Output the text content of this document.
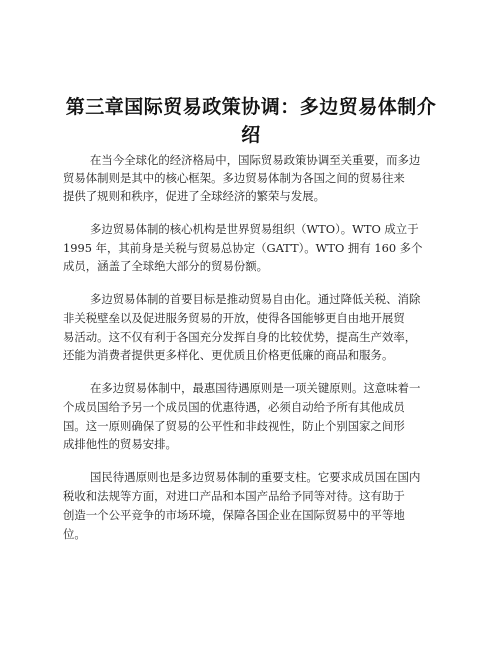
第三章国际贸易政策协调：多边贸易体制介
绍
在当今全球化的经济格局中，国际贸易政策协调至关重要，而多边
贸易体制则是其中的核心框架。多边贸易体制为各国之间的贸易往来
提供了规则和秩序，促进了全球经济的繁荣与发展。
多边贸易体制的核心机构是世界贸易组织（WTO）。WTO 成立于
1995 年，其前身是关税与贸易总协定（GATT）。WTO 拥有 160 多个
成员，涵盖了全球绝大部分的贸易份额。
多边贸易体制的首要目标是推动贸易自由化。通过降低关税、消除
非关税壁垒以及促进服务贸易的开放，使得各国能够更自由地开展贸
易活动。这不仅有利于各国充分发挥自身的比较优势，提高生产效率，
还能为消费者提供更多样化、更优质且价格更低廉的商品和服务。
在多边贸易体制中，最惠国待遇原则是一项关键原则。这意味着一
个成员国给予另一个成员国的优惠待遇，必须自动给予所有其他成员
国。这一原则确保了贸易的公平性和非歧视性，防止个别国家之间形
成排他性的贸易安排。
国民待遇原则也是多边贸易体制的重要支柱。它要求成员国在国内
税收和法规等方面，对进口产品和本国产品给予同等对待。这有助于
创造一个公平竞争的市场环境，保障各国企业在国际贸易中的平等地
位。
